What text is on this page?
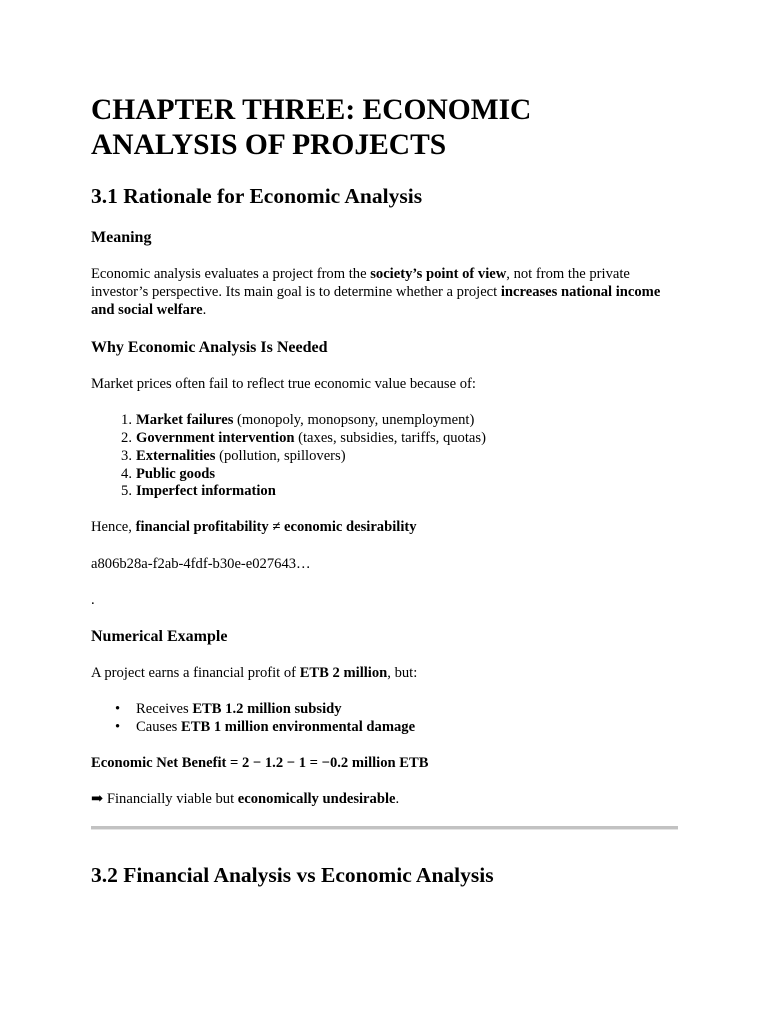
CHAPTER THREE: ECONOMIC ANALYSIS OF PROJECTS
3.1 Rationale for Economic Analysis
Meaning

Economic analysis evaluates a project from the society’s point of view, not from the private investor’s perspective. Its main goal is to determine whether a project increases national income and social welfare.

Why Economic Analysis Is Needed

Market prices often fail to reflect true economic value because of:

1. Market failures (monopoly, monopsony, unemployment)
2. Government intervention (taxes, subsidies, tariffs, quotas)
3. Externalities (pollution, spillovers)
4. Public goods
5. Imperfect information

Hence, financial profitability ≠ economic desirability

a806b28a-f2ab-4fdf-b30e-e027643…

.

Numerical Example

A project earns a financial profit of ETB 2 million, but:

• Receives ETB 1.2 million subsidy
• Causes ETB 1 million environmental damage

Economic Net Benefit = 2 − 1.2 − 1 = −0.2 million ETB

➡ Financially viable but economically undesirable.

3.2 Financial Analysis vs Economic Analysis
